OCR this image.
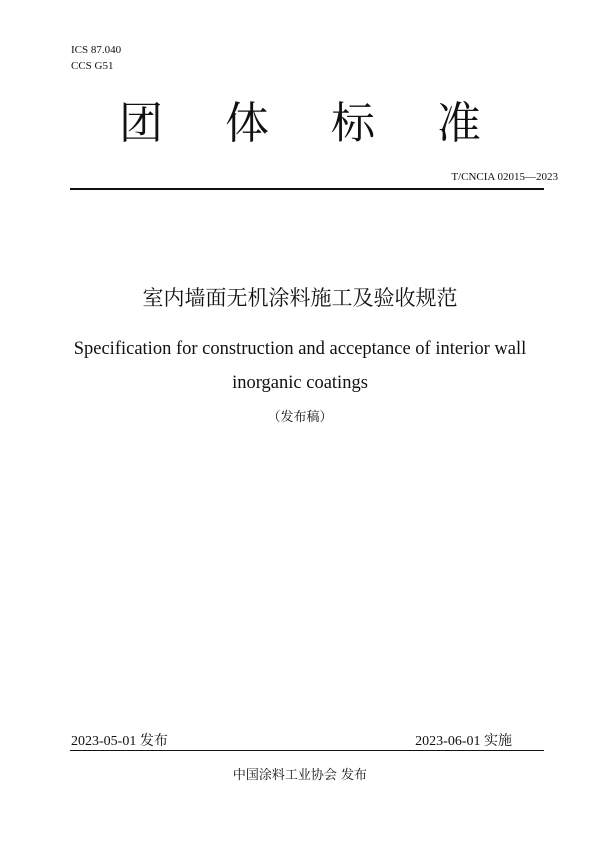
ICS 87.040
CCS G51
团体标准
T/CNCIA 02015—2023
室内墙面无机涂料施工及验收规范
Specification for construction and acceptance of interior wall inorganic coatings
（发布稿）
2023-05-01 发布	2023-06-01 实施
中国涂料工业协会 发布
